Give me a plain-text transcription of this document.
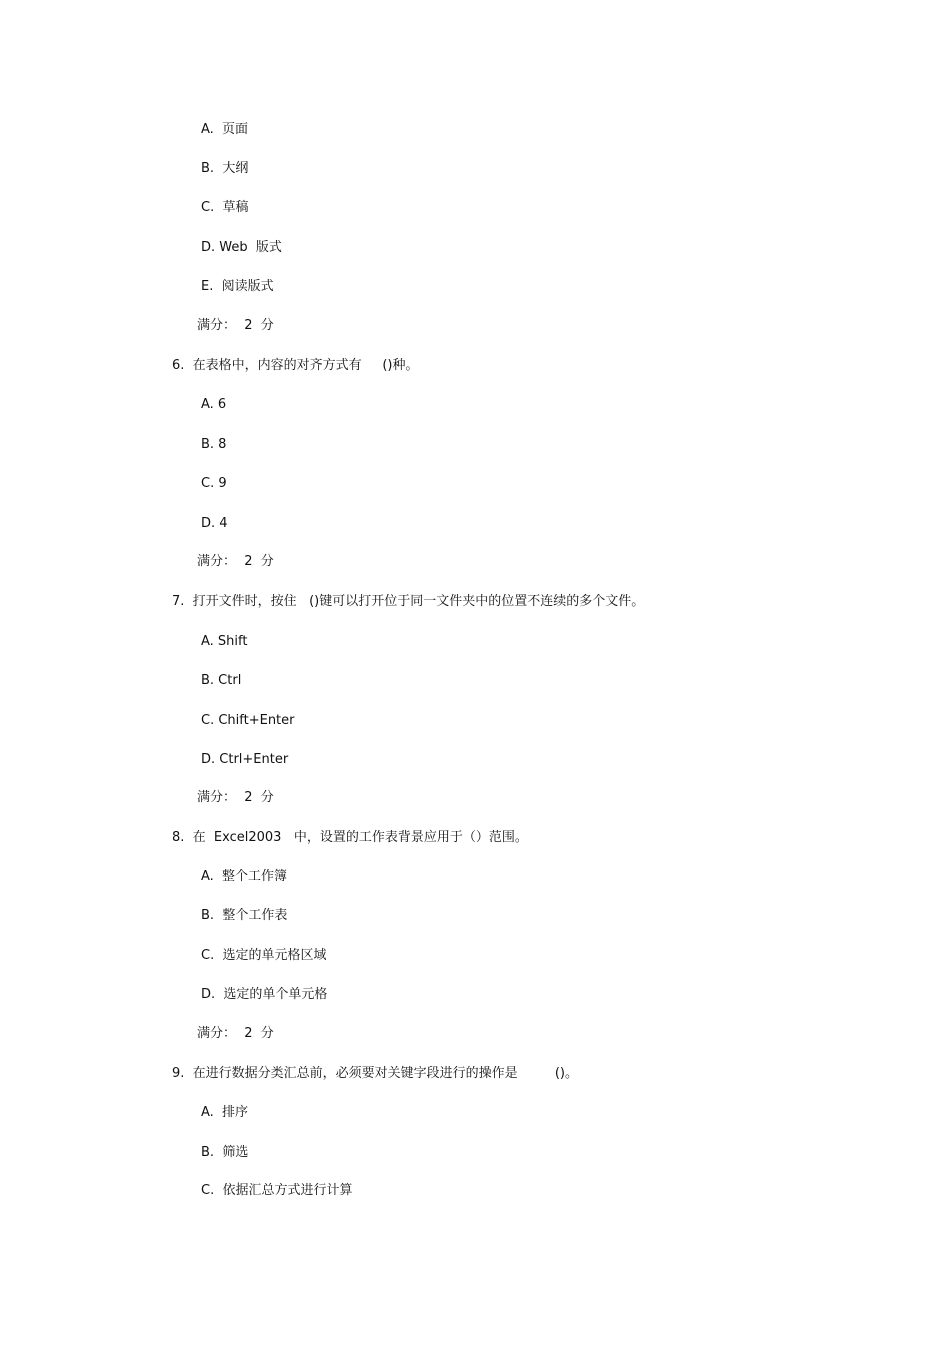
A.  页面
B.  大纲
C.  草稿
D. Web  版式
E.  阅读版式
满分：  2  分
6.  在表格中，内容的对齐方式有     ()种。
A. 6
B. 8
C. 9
D. 4
满分：  2  分
7.  打开文件时，按住   ()键可以打开位于同一文件夹中的位置不连续的多个文件。
A. Shift
B. Ctrl
C. Chift+Enter
D. Ctrl+Enter
满分：  2  分
8.  在  Excel2003   中，设置的工作表背景应用于（）范围。
A.  整个工作簿
B.  整个工作表
C.  选定的单元格区域
D.  选定的单个单元格
满分：  2  分
9.  在进行数据分类汇总前，必须要对关键字段进行的操作是         ()。
A.  排序
B.  筛选
C.  依据汇总方式进行计算
